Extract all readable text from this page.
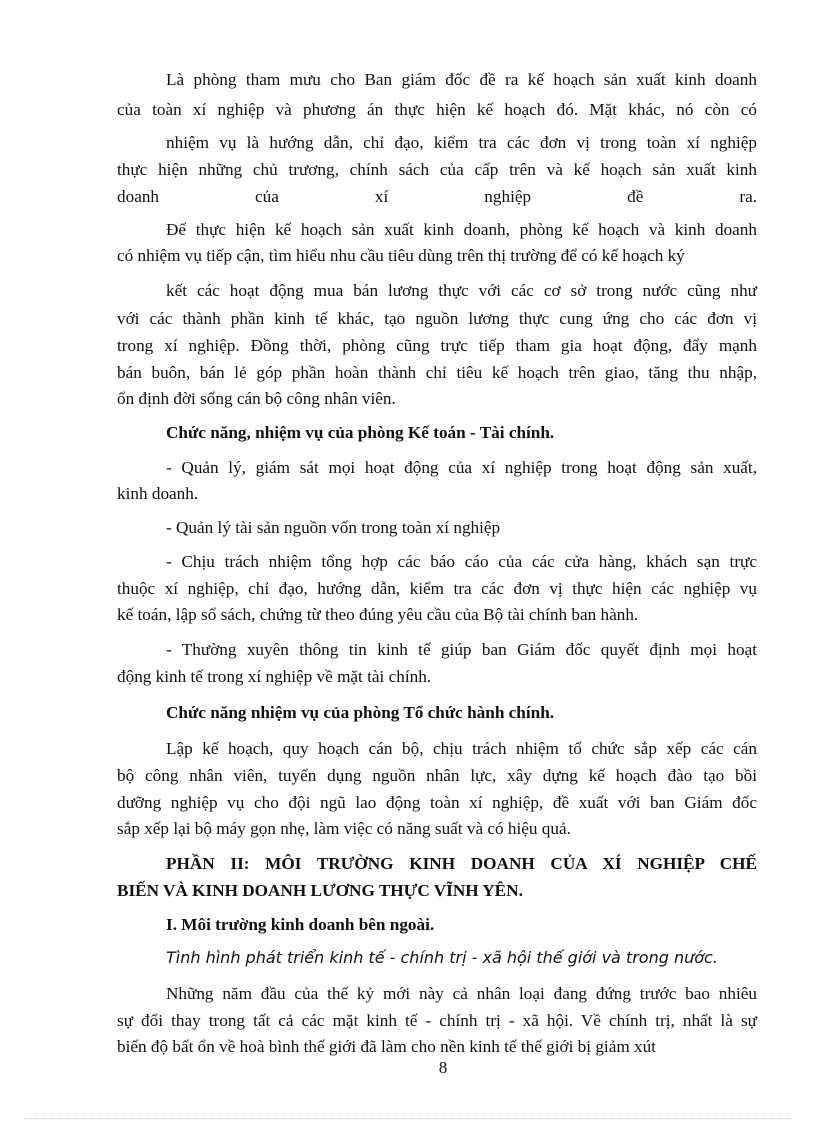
Là phòng tham mưu cho Ban giám đốc đề ra kế hoạch sản xuất kinh doanh
của toàn xí nghiệp và phương án thực hiện kế hoạch đó. Mặt khác, nó còn có
nhiệm vụ là hướng dẫn, chỉ đạo, kiểm tra các đơn vị trong toàn xí nghiệp
thực hiện những chủ trương, chính sách của cấp trên và kế hoạch sản xuất kinh
doanh của xí nghiệp đề ra.
Để thực hiện kế hoạch sản xuất kinh doanh, phòng kế hoạch và kinh doanh
có nhiệm vụ tiếp cận, tìm hiểu nhu cầu tiêu dùng trên thị trường để có kế hoạch ký
kết các hoạt động mua bán lương thực với các cơ sở trong nước cũng như
với các thành phần kinh tế khác, tạo nguồn lương thực cung ứng cho các đơn vị
trong xí nghiệp. Đồng thời, phòng cũng trực tiếp tham gia hoạt động, đẩy mạnh
bán buôn, bán lẻ góp phần hoàn thành chỉ tiêu kế hoạch trên giao, tăng thu nhập,
ổn định đời sống cán bộ công nhân viên.
Chức năng, nhiệm vụ của phòng Kế toán - Tài chính.
- Quản lý, giám sát mọi hoạt động của xí nghiệp trong hoạt động sản xuất,
kinh doanh.
- Quản lý tài sản nguồn vốn trong toàn xí nghiệp
- Chịu trách nhiệm tổng hợp các báo cáo của các cửa hàng, khách sạn trực
thuộc xí nghiệp, chỉ đạo, hướng dẫn, kiểm tra các đơn vị thực hiện các nghiệp vụ
kế toán, lập sổ sách, chứng từ theo đúng yêu cầu của Bộ tài chính ban hành.
- Thường xuyên thông tin kinh tế giúp ban Giám đốc quyết định mọi hoạt
động kinh tế trong xí nghiệp về mặt tài chính.
Chức năng nhiệm vụ của phòng Tổ chức hành chính.
Lập kế hoạch, quy hoạch cán bộ, chịu trách nhiệm tổ chức sắp xếp các cán
bộ công nhân viên, tuyển dụng nguồn nhân lực, xây dựng kế hoạch đào tạo bồi
dưỡng nghiệp vụ cho đội ngũ lao động toàn xí nghiệp, đề xuất với ban Giám đốc
sắp xếp lại bộ máy gọn nhẹ, làm việc có năng suất và có hiệu quả.
PHẦN II: MÔI TRƯỜNG KINH DOANH CỦA XÍ NGHIỆP CHẾ
BIẾN VÀ KINH DOANH LƯƠNG THỰC VĨNH YÊN.
I. Môi trường kinh doanh bên ngoài.
Tình hình phát triển kinh tế - chính trị - xã hội thế giới và trong nước.
Những năm đầu của thế kỷ mới này cả nhân loại đang đứng trước bao nhiêu
sự đổi thay trong tất cả các mặt kinh tế - chính trị - xã hội. Về chính trị, nhất là sự
biến độ bất ổn về hoà bình thế giới đã làm cho nền kinh tế thế giới bị giảm xút
8
